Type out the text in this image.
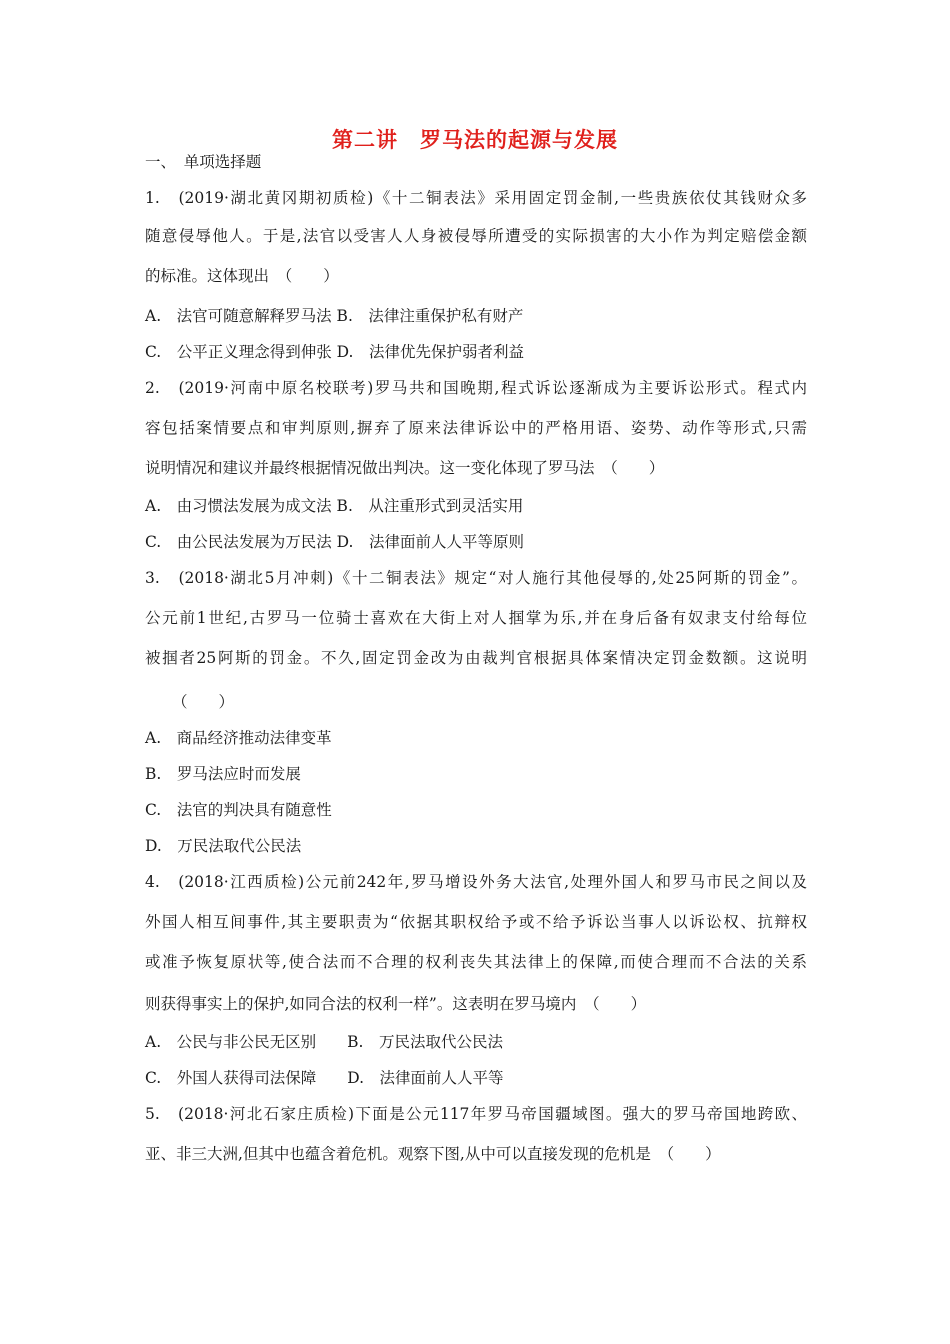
第二讲　罗马法的起源与发展
一、　单项选择题
1.　(2019·湖北黄冈期初质检)《十二铜表法》采用固定罚金制,一些贵族依仗其钱财众多
随意侵辱他人。于是,法官以受害人人身被侵辱所遭受的实际损害的大小作为判定赔偿金额
的标准。这体现出　（　　）
A.　法官可随意解释罗马法 B.　法律注重保护私有财产
C.　公平正义理念得到伸张 D.　法律优先保护弱者利益
2.　(2019·河南中原名校联考)罗马共和国晚期,程式诉讼逐渐成为主要诉讼形式。程式内
容包括案情要点和审判原则,摒弃了原来法律诉讼中的严格用语、姿势、动作等形式,只需
说明情况和建议并最终根据情况做出判决。这一变化体现了罗马法　（　　）
A.　由习惯法发展为成文法 B.　从注重形式到灵活实用
C.　由公民法发展为万民法 D.　法律面前人人平等原则
3.　(2018·湖北5月冲刺)《十二铜表法》规定“对人施行其他侵辱的,处25阿斯的罚金”。
公元前1世纪,古罗马一位骑士喜欢在大街上对人掴掌为乐,并在身后备有奴隶支付给每位
被掴者25阿斯的罚金。不久,固定罚金改为由裁判官根据具体案情决定罚金数额。这说明
（　　）
A.　商品经济推动法律变革
B.　罗马法应时而发展
C.　法官的判决具有随意性
D.　万民法取代公民法
4.　(2018·江西质检)公元前242年,罗马增设外务大法官,处理外国人和罗马市民之间以及
外国人相互间事件,其主要职责为“依据其职权给予或不给予诉讼当事人以诉讼权、抗辩权
或准予恢复原状等,使合法而不合理的权利丧失其法律上的保障,而使合理而不合法的关系
则获得事实上的保护,如同合法的权利一样”。这表明在罗马境内　（　　）
A.　公民与非公民无区别　　B.　万民法取代公民法
C.　外国人获得司法保障　　D.　法律面前人人平等
5.　(2018·河北石家庄质检)下面是公元117年罗马帝国疆域图。强大的罗马帝国地跨欧、
亚、非三大洲,但其中也蕴含着危机。观察下图,从中可以直接发现的危机是　（　　）
